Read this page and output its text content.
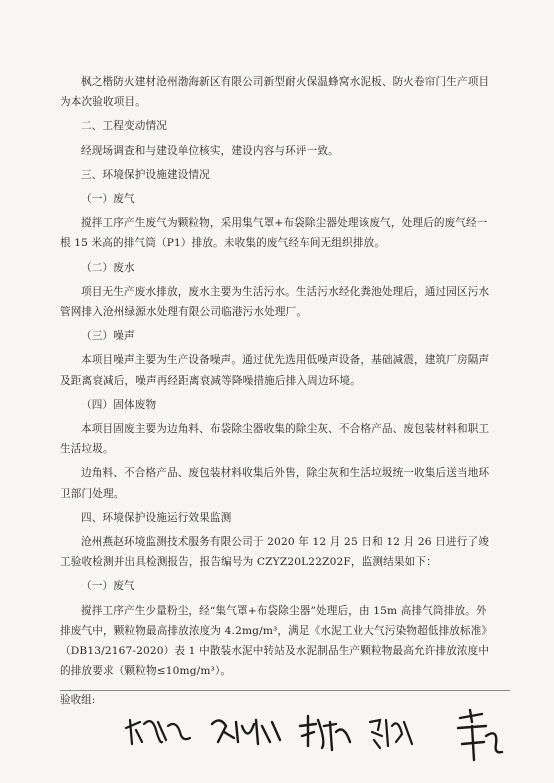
枫之楷防火建材沧州渤海新区有限公司新型耐火保温蜂窝水泥板、防火卷帘门生产项目为本次验收项目。

二、工程变动情况

经现场调查和与建设单位核实，建设内容与环评一致。

三、环境保护设施建设情况

（一）废气

搅拌工序产生废气为颗粒物，采用集气罩+布袋除尘器处理该废气，处理后的废气经一根 15 米高的排气筒（P1）排放。未收集的废气经车间无组织排放。

（二）废水

项目无生产废水排放，废水主要为生活污水。生活污水经化粪池处理后，通过园区污水管网排入沧州绿源水处理有限公司临港污水处理厂。

（三）噪声

本项目噪声主要为生产设备噪声。通过优先选用低噪声设备，基础减震，建筑厂房隔声及距离衰减后，噪声再经距离衰减等降噪措施后排入周边环境。

（四）固体废物

本项目固废主要为边角料、布袋除尘器收集的除尘灰、不合格产品、废包装材料和职工生活垃圾。

边角料、不合格产品、废包装材料收集后外售，除尘灰和生活垃圾统一收集后送当地环卫部门处理。

四、环境保护设施运行效果监测

沧州燕赵环境监测技术服务有限公司于 2020 年 12 月 25 日和 12 月 26 日进行了竣工验收检测并出具检测报告，报告编号为 CZYZ20L22Z02F，监测结果如下：

（一）废气

搅拌工序产生少量粉尘，经“集气罩+布袋除尘器”处理后，由 15m 高排气筒排放。外排废气中，颗粒物最高排放浓度为 4.2mg/m³，满足《水泥工业大气污染物超低排放标准》（DB13/2167-2020）表 1 中散装水泥中转站及水泥制品生产颗粒物最高允许排放浓度中的排放要求（颗粒物≤10mg/m³）。

验收组:
